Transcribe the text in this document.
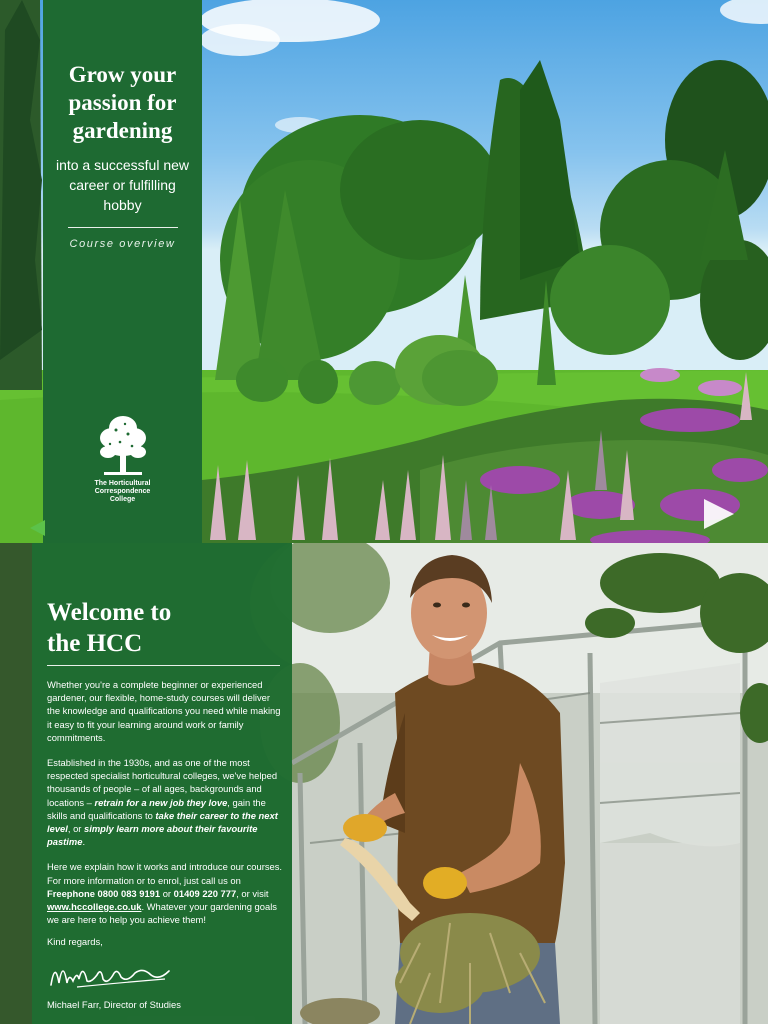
Grow your passion for gardening

into a successful new career or fulfilling hobby

Course overview

The Horticultural
Correspondence
College
Welcome to
the HCC

Whether you're a complete beginner or experienced gardener, our flexible, home-study courses will deliver the knowledge and qualifications you need while making it easy to fit your learning around work or family commitments.

Established in the 1930s, and as one of the most respected specialist horticultural colleges, we've helped thousands of people – of all ages, backgrounds and locations – retrain for a new job they love, gain the skills and qualifications to take their career to the next level, or simply learn more about their favourite pastime.

Here we explain how it works and introduce our courses. For more information or to enrol, just call us on Freephone 0800 083 9191 or 01409 220 777, or visit www.hccollege.co.uk. Whatever your gardening goals we are here to help you achieve them!

Kind regards,

Michael Farr, Director of Studies
